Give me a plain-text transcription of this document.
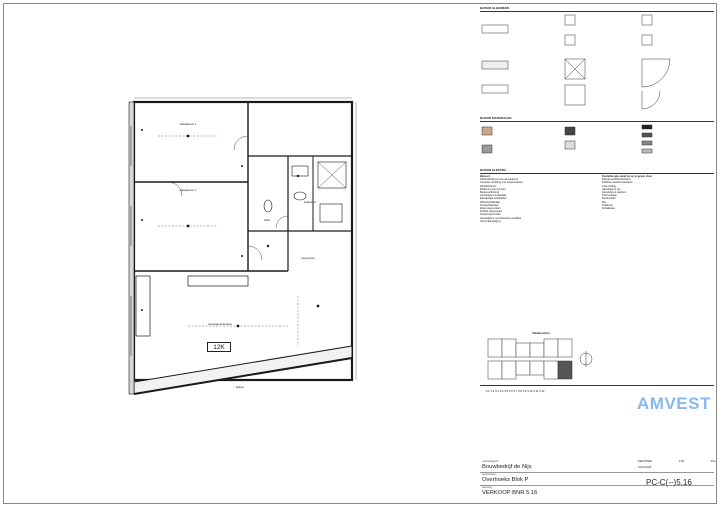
slaapkamer 1
slaapkamer 2
badkamer
toilet
bergruimte
woonkamer/keuken
balkon
12K
BIJSOR ALGEMEEN
BIJSOR MATERIALEN
BIJSOR ELEKTRA
Bijsoort
Plafondlichtpunt met aansluitpunt
Centrale verdeling met stopcontacten
Wandlichtpunt
Bediening aan bij deur
Buitenverlichting
Aansluitpunt kookplaat
Enkelpolige schakelaar
Wisselschakelaar
Serieschakelaar
Enkel stopcontact
Dubbel stopcontact
Stopcontact boiler
Aansluitpunt mechanische ventilatie
Stroombeveiliging
Opstelhoogte vanaf de op te geven vloer
Enkele wandcontactdoos
Dubbele wandcontactdoos
Loze leiding
Aansluitpunt cai
Aansluitpunt telefoon
Thermostaat
Rookmelder
Bel
Drukknop
Schakelaar
Situatieschets
5.1 5.2 5.3 5.4 5.5 5.6 5.7 5.8 5.9 5.10 5.11 5.12
AMVEST
opdrachtgever
Bouwbedrijf de Nijs
projectnaam
Overhoeks Blok P
tekening
VERKOOP BNR 5.16
DEFINITIEF	1:50	A3-L
04-04-2025
PC-C(--)5.16
